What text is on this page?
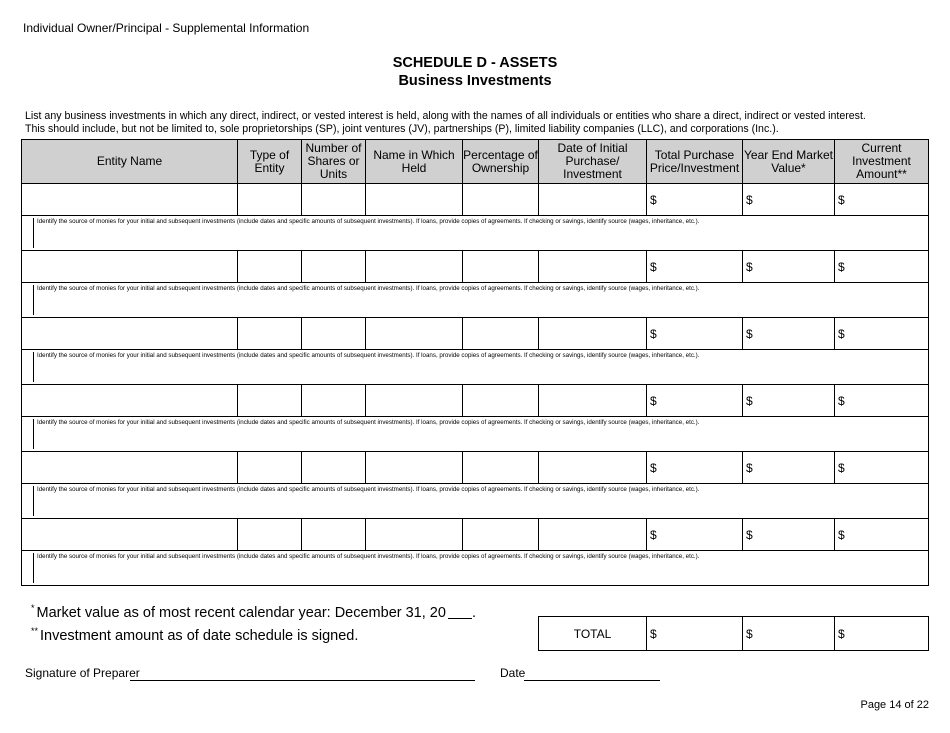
Individual Owner/Principal - Supplemental Information
SCHEDULE D - ASSETS
Business Investments
List any business investments in which any direct, indirect, or vested interest is held, along with the names of all individuals or entities who share a direct, indirect or vested interest.
This should include, but not be limited to, sole proprietorships (SP), joint ventures (JV), partnerships (P), limited liability companies (LLC), and corporations (Inc.).
Entity Name	Type of Entity	Number of Shares or Units	Name in Which Held	Percentage of Ownership	Date of Initial Purchase/ Investment	Total Purchase Price/Investment	Year End Market Value*	Current Investment Amount**
						$	$	$

Identify the source of monies for your initial and subsequent investments (include dates and specific amounts of subsequent investments). If loans, provide copies of agreements. If checking or savings, identify source (wages, inheritance, etc.).								

						$	$	$

Identify the source of monies for your initial and subsequent investments (include dates and specific amounts of subsequent investments). If loans, provide copies of agreements. If checking or savings, identify source (wages, inheritance, etc.).								

						$	$	$

Identify the source of monies for your initial and subsequent investments (include dates and specific amounts of subsequent investments). If loans, provide copies of agreements. If checking or savings, identify source (wages, inheritance, etc.).								

						$	$	$

Identify the source of monies for your initial and subsequent investments (include dates and specific amounts of subsequent investments). If loans, provide copies of agreements. If checking or savings, identify source (wages, inheritance, etc.).								

						$	$	$

Identify the source of monies for your initial and subsequent investments (include dates and specific amounts of subsequent investments). If loans, provide copies of agreements. If checking or savings, identify source (wages, inheritance, etc.).								

						$	$	$

Identify the source of monies for your initial and subsequent investments (include dates and specific amounts of subsequent investments). If loans, provide copies of agreements. If checking or savings, identify source (wages, inheritance, etc.).								

					TOTAL	$	$	$
* Market value as of most recent calendar year: December 31, 20 .
** Investment amount as of date schedule is signed.
Signature of Preparer	Date
Page 14 of 22
